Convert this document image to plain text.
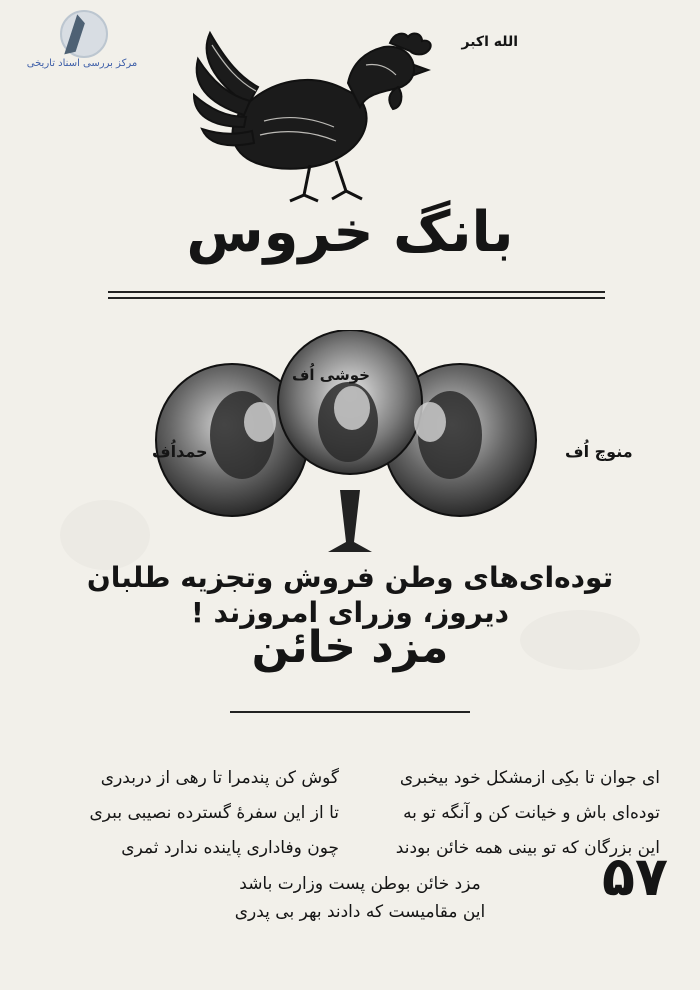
مرکز بررسی اسناد تاریخی
الله اکبر
بانگ خروس
خوشی اُف
حمداُف	منوچ اُف
توده‌ای‌های وطن فروش وتجزیه طلبان دیروز، وزرای امروزند !
مزد خائن
ای جوان تا بکِی ازمشکل خود بیخبری
گوش کن پندمرا تا رهی از دربدری
توده‌ای باش و خیانت کن و آنگه تو به
تا از این سفرهٔ گسترده نصیبی ببری
این بزرگان که تو بینی همه خائن بودند
چون وفاداری پاینده ندارد ثمری
مزد خائن بوطن پست وزارت باشد
این مقامیست که دادند بهر بی پدری
۵۷
